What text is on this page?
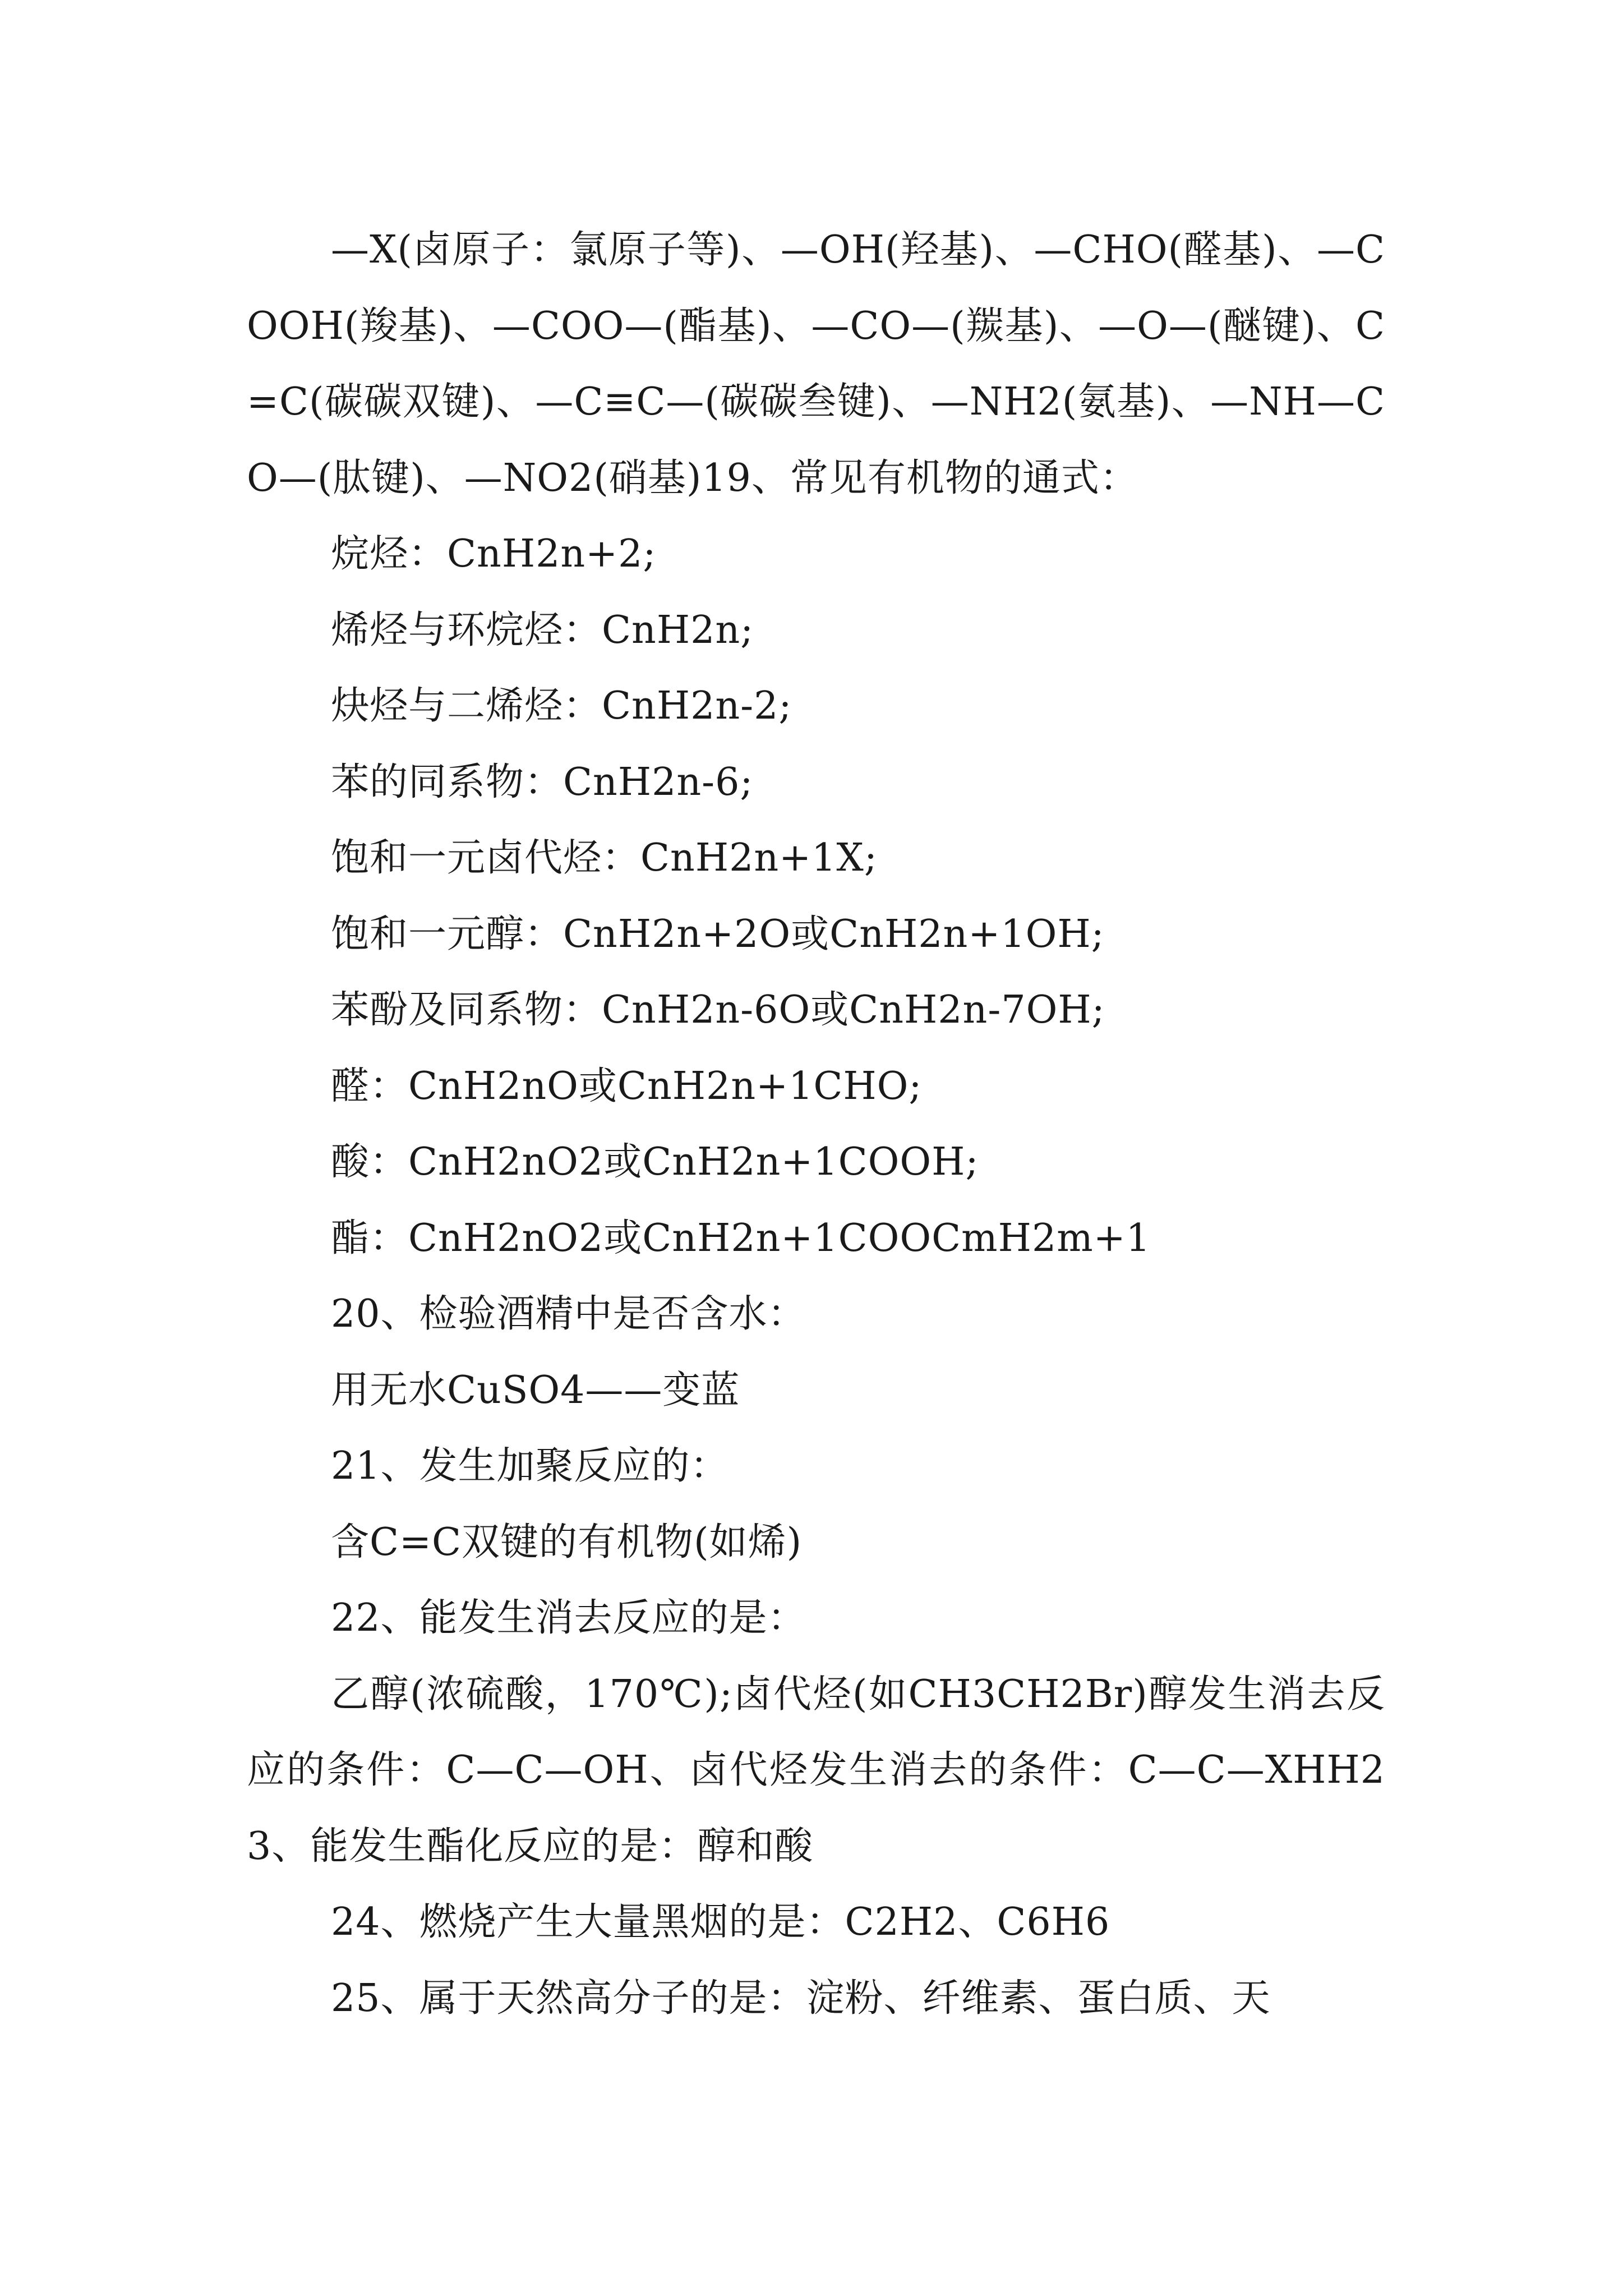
—X(卤原子：氯原子等)、—OH(羟基)、—CHO(醛基)、—COOH(羧基)、—COO—(酯基)、—CO—(羰基)、—O—(醚键)、C=C(碳碳双键)、—C≡C—(碳碳叁键)、—NH2(氨基)、—NH—CO—(肽键)、—NO2(硝基)19、常见有机物的通式：

烷烃：CnH2n+2;

烯烃与环烷烃：CnH2n;

炔烃与二烯烃：CnH2n-2;

苯的同系物：CnH2n-6;

饱和一元卤代烃：CnH2n+1X;

饱和一元醇：CnH2n+2O或CnH2n+1OH;

苯酚及同系物：CnH2n-6O或CnH2n-7OH;

醛：CnH2nO或CnH2n+1CHO;

酸：CnH2nO2或CnH2n+1COOH;

酯：CnH2nO2或CnH2n+1COOCmH2m+1

20、检验酒精中是否含水：

用无水CuSO4——变蓝

21、发生加聚反应的：

含C=C双键的有机物(如烯)

22、能发生消去反应的是：

乙醇(浓硫酸，170℃);卤代烃(如CH3CH2Br)醇发生消去反应的条件：C—C—OH、卤代烃发生消去的条件：C—C—XHH23、能发生酯化反应的是：醇和酸

24、燃烧产生大量黑烟的是：C2H2、C6H6

25、属于天然高分子的是：淀粉、纤维素、蛋白质、天
